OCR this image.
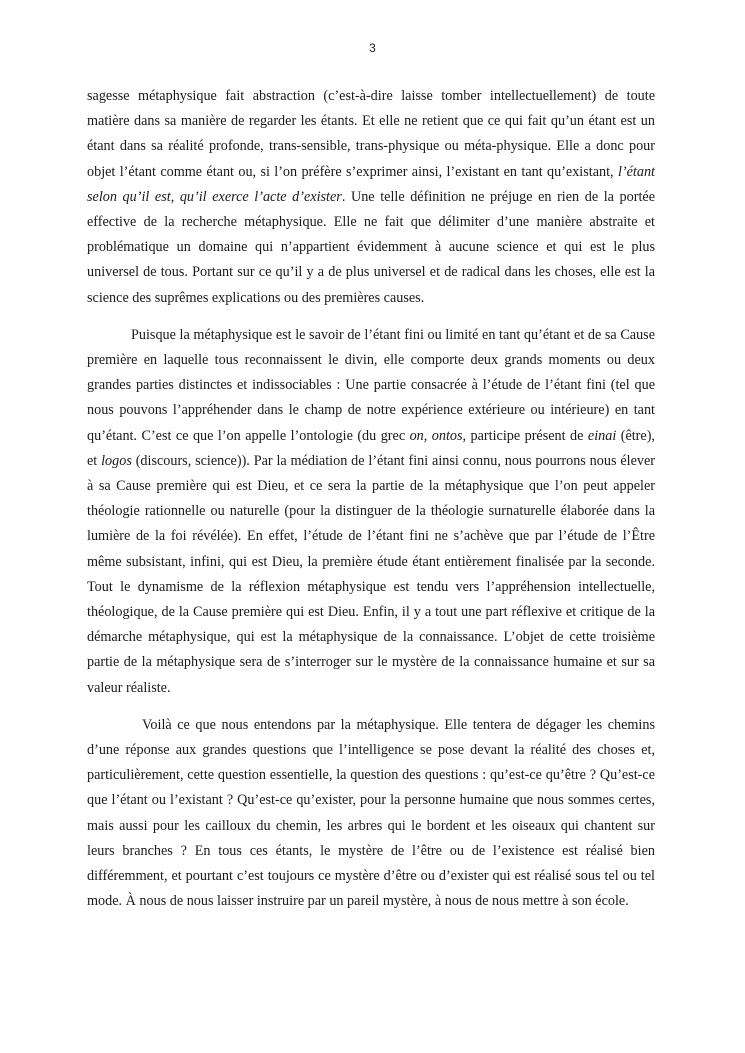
3

sagesse métaphysique fait abstraction (c’est-à-dire laisse tomber intellectuellement) de toute matière dans sa manière de regarder les étants. Et elle ne retient que ce qui fait qu’un étant est un étant dans sa réalité profonde, trans-sensible, trans-physique ou méta-physique. Elle a donc pour objet l’étant comme étant ou, si l’on préfère s’exprimer ainsi, l’existant en tant qu’existant, l’étant selon qu’il est, qu’il exerce l’acte d’exister. Une telle définition ne préjuge en rien de la portée effective de la recherche métaphysique. Elle ne fait que délimiter d’une manière abstraite et problématique un domaine qui n’appartient évidemment à aucune science et qui est le plus universel de tous. Portant sur ce qu’il y a de plus universel et de radical dans les choses, elle est la science des suprêmes explications ou des premières causes.

Puisque la métaphysique est le savoir de l’étant fini ou limité en tant qu’étant et de sa Cause première en laquelle tous reconnaissent le divin, elle comporte deux grands moments ou deux grandes parties distinctes et indissociables : Une partie consacrée à l’étude de l’étant fini (tel que nous pouvons l’appréhender dans le champ de notre expérience extérieure ou intérieure) en tant qu’étant. C’est ce que l’on appelle l’ontologie (du grec on, ontos, participe présent de einai (être), et logos (discours, science)). Par la médiation de l’étant fini ainsi connu, nous pourrons nous élever à sa Cause première qui est Dieu, et ce sera la partie de la métaphysique que l’on peut appeler théologie rationnelle ou naturelle (pour la distinguer de la théologie surnaturelle élaborée dans la lumière de la foi révélée). En effet, l’étude de l’étant fini ne s’achève que par l’étude de l’Être même subsistant, infini, qui est Dieu, la première étude étant entièrement finalisée par la seconde. Tout le dynamisme de la réflexion métaphysique est tendu vers l’appréhension intellectuelle, théologique, de la Cause première qui est Dieu. Enfin, il y a tout une part réflexive et critique de la démarche métaphysique, qui est la métaphysique de la connaissance. L’objet de cette troisième partie de la métaphysique sera de s’interroger sur le mystère de la connaissance humaine et sur sa valeur réaliste.

Voilà ce que nous entendons par la métaphysique. Elle tentera de dégager les chemins d’une réponse aux grandes questions que l’intelligence se pose devant la réalité des choses et, particulièrement, cette question essentielle, la question des questions : qu’est-ce qu’être ? Qu’est-ce que l’étant ou l’existant ? Qu’est-ce qu’exister, pour la personne humaine que nous sommes certes, mais aussi pour les cailloux du chemin, les arbres qui le bordent et les oiseaux qui chantent sur leurs branches ? En tous ces étants, le mystère de l’être ou de l’existence est réalisé bien différemment, et pourtant c’est toujours ce mystère d’être ou d’exister qui est réalisé sous tel ou tel mode. À nous de nous laisser instruire par un pareil mystère, à nous de nous mettre à son école.
